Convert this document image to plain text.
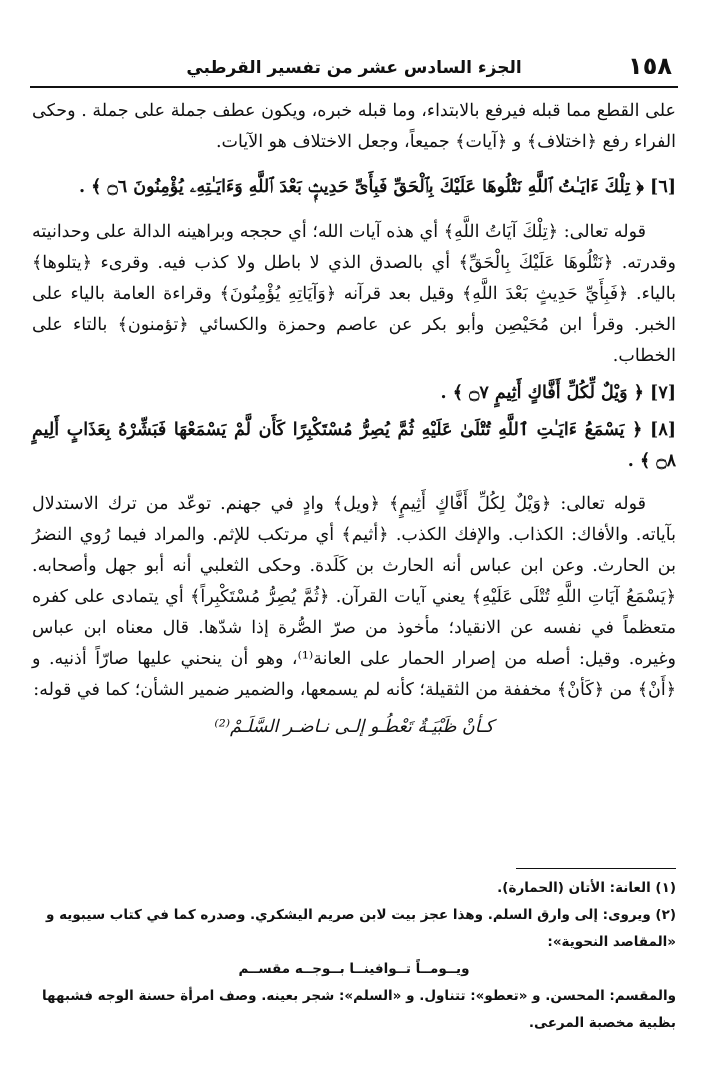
١٥٨
الجزء السادس عشر من تفسير القرطبي

على القطع مما قبله فيرفع بالابتداء، وما قبله خبره، ويكون عطف جملة على جملة . وحكى الفراء رفع ﴿اختلاف﴾ و ﴿آيات﴾ جميعاً، وجعل الاختلاف هو الآيات.

[٦] ﴿ تِلْكَ ءَايَـٰتُ ٱللَّهِ نَتْلُوهَا عَلَيْكَ بِٱلْحَقِّ فَبِأَىِّ حَدِيثٍۭ بَعْدَ ٱللَّهِ وَءَايَـٰتِهِۦ يُؤْمِنُونَ ۝٦ ﴾ .

قوله تعالى: ﴿تِلْكَ آيَاتُ اللَّهِ﴾ أي هذه آيات الله؛ أي حججه وبراهينه الدالة على وحدانيته وقدرته. ﴿نَتْلُوهَا عَلَيْكَ بِالْحَقِّ﴾ أي بالصدق الذي لا باطل ولا كذب فيه. وقرىء ﴿يتلوها﴾ بالياء. ﴿فَبِأَيِّ حَدِيثٍ بَعْدَ اللَّهِ﴾ وقيل بعد قرآنه ﴿وَآيَاتِهِ يُؤْمِنُونَ﴾ وقراءة العامة بالياء على الخبر. وقرأ ابن مُحَيْصِن وأبو بكر عن عاصم وحمزة والكسائي ﴿تؤمنون﴾ بالتاء على الخطاب.

[٧] ﴿ وَيْلٌ لِّكُلِّ أَفَّاكٍ أَثِيمٍ ۝٧ ﴾ .

[٨] ﴿ يَسْمَعُ ءَايَـٰتِ ٱللَّهِ تُتْلَىٰ عَلَيْهِ ثُمَّ يُصِرُّ مُسْتَكْبِرًا كَأَن لَّمْ يَسْمَعْهَا فَبَشِّرْهُ بِعَذَابٍ أَلِيمٍ ۝٨ ﴾ .

قوله تعالى: ﴿وَيْلٌ لِكُلِّ أَفَّاكٍ أَثِيمٍ﴾ ﴿ويل﴾ وادٍ في جهنم. توعّد من ترك الاستدلال بآياته. والأفاك: الكذاب. والإفك الكذب. ﴿أثيم﴾ أي مرتكب للإثم. والمراد فيما رُوي النضرُ بن الحارث. وعن ابن عباس أنه الحارث بن كَلَدة. وحكى الثعلبي أنه أبو جهل وأصحابه. ﴿يَسْمَعُ آيَاتِ اللَّهِ تُتْلَى عَلَيْهِ﴾ يعني آيات القرآن. ﴿ثُمَّ يُصِرُّ مُسْتَكْبِراً﴾ أي يتمادى على كفره متعظماً في نفسه عن الانقياد؛ مأخوذ من صرّ الصُّرة إذا شدّها. قال معناه ابن عباس وغيره. وقيل: أصله من إصرار الحمار على العانة⁽¹⁾، وهو أن ينحني عليها صارّاً أذنيه. و ﴿أَنْ﴾ من ﴿كَأنْ﴾ مخففة من الثقيلة؛ كأنه لم يسمعها، والضمير ضمير الشأن؛ كما في قوله:

كـأنْ ظَبْيَـةٌ تَعْطُـو إلـى نـاضـر السَّلَـمْ⁽²⁾

(١) العانة: الأتان (الحمارة).

(٢) ويروى: إلى وارق السلم. وهذا عجز بيت لابن صريم اليشكري. وصدره كما في كتاب سيبويه و «المقاصد النحوية»:

ويــومــاً تــوافينــا بــوجــه مقســم

والمقسم: المحسن. و «تعطو»: تتناول. و «السلم»: شجر بعينه. وصف امرأة حسنة الوجه فشبهها بظبية مخصبة المرعى.
